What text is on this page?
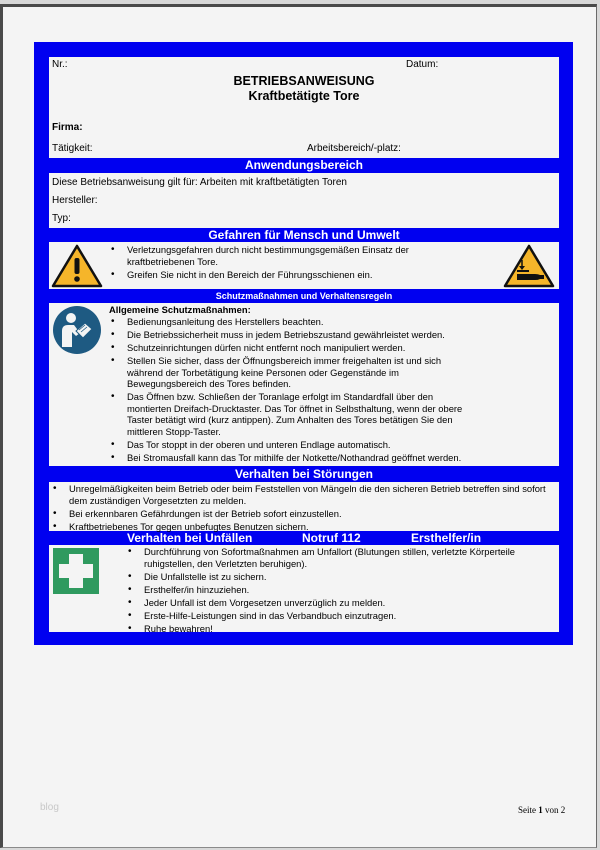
Nr.:	Datum:
BETRIEBSANWEISUNG
Kraftbetätigte Tore
Firma:
Tätigkeit:	Arbeitsbereich/-platz:
Anwendungsbereich
Diese Betriebsanweisung gilt für: Arbeiten mit kraftbetätigten Toren
Hersteller:
Typ:
Gefahren für Mensch und Umwelt
• Verletzungsgefahren durch nicht bestimmungsgemäßen Einsatz der kraftbetriebenen Tore.
• Greifen Sie nicht in den Bereich der Führungsschienen ein.
Schutzmaßnahmen und Verhaltensregeln
Allgemeine Schutzmaßnahmen:
• Bedienungsanleitung des Herstellers beachten.
• Die Betriebssicherheit muss in jedem Betriebszustand gewährleistet werden.
• Schutzeinrichtungen dürfen nicht entfernt noch manipuliert werden.
• Stellen Sie sicher, dass der Öffnungsbereich immer freigehalten ist und sich während der Torbetätigung keine Personen oder Gegenstände im Bewegungsbereich des Tores befinden.
• Das Öffnen bzw. Schließen der Toranlage erfolgt im Standardfall über den montierten Dreifach-Drucktaster. Das Tor öffnet in Selbsthaltung, wenn der obere Taster betätigt wird (kurz antippen). Zum Anhalten des Tores betätigen Sie den mittleren Stopp-Taster.
• Das Tor stoppt in der oberen und unteren Endlage automatisch.
• Bei Stromausfall kann das Tor mithilfe der Notkette/Nothandrad geöffnet werden.
Verhalten bei Störungen
• Unregelmäßigkeiten beim Betrieb oder beim Feststellen von Mängeln die den sicheren Betrieb betreffen sind sofort dem zuständigen Vorgesetzten zu melden.
• Bei erkennbaren Gefährdungen ist der Betrieb sofort einzustellen.
• Kraftbetriebenes Tor gegen unbefugtes Benutzen sichern.
Verhalten bei Unfällen	Notruf 112	Ersthelfer/in
• Durchführung von Sofortmaßnahmen am Unfallort (Blutungen stillen, verletzte Körperteile ruhigstellen, den Verletzten beruhigen).
• Die Unfallstelle ist zu sichern.
• Ersthelfer/in hinzuziehen.
• Jeder Unfall ist dem Vorgesetzen unverzüglich zu melden.
• Erste-Hilfe-Leistungen sind in das Verbandbuch einzutragen.
• Ruhe bewahren!
blog	Seite 1 von 2
